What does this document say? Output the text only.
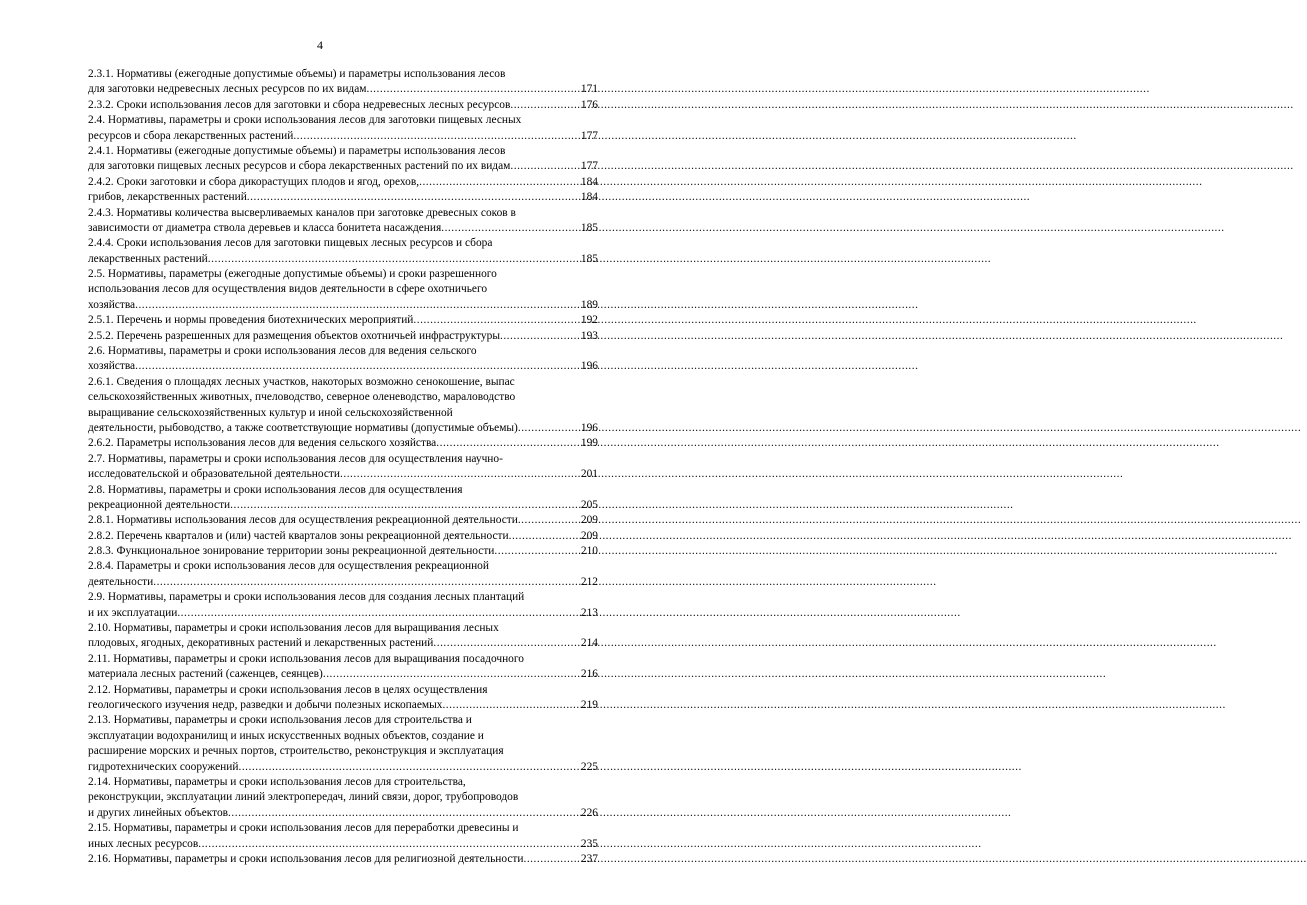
4
2.3.1. Нормативы (ежегодные допустимые объемы) и параметры использования лесов
для заготовки недревесных лесных ресурсов по их видам .....	171
2.3.2. Сроки использования лесов для заготовки и сбора недревесных лесных ресурсов .....	176
2.4. Нормативы, параметры и сроки использования лесов для заготовки пищевых лесных
ресурсов и сбора лекарственных растений .....	177
2.4.1. Нормативы (ежегодные допустимые объемы) и параметры использования лесов
для заготовки пищевых лесных ресурсов и сбора лекарственных растений по их видам .....	177
2.4.2. Сроки заготовки и сбора дикорастущих плодов и ягод, орехов, .....	184
грибов, лекарственных растений .....	184
2.4.3. Нормативы количества высверливаемых каналов при заготовке древесных соков в
зависимости от диаметра ствола деревьев и класса бонитета насаждения .....	185
2.4.4. Сроки использования лесов для заготовки пищевых лесных ресурсов и сбора
лекарственных растений .....	185
2.5. Нормативы, параметры (ежегодные допустимые объемы) и сроки разрешенного
использования лесов для осуществления видов деятельности в сфере охотничьего
хозяйства .....	189
2.5.1. Перечень и нормы проведения биотехнических мероприятий .....	192
2.5.2. Перечень разрешенных для размещения объектов охотничьей инфраструктуры .....	193
2.6. Нормативы, параметры и сроки использования лесов для ведения сельского
хозяйства .....	196
2.6.1. Сведения о площадях лесных участков, накоторых возможно сенокошение, выпас
сельскохозяйственных животных, пчеловодство, северное оленеводство, мараловодство
выращивание сельскохозяйственных культур и иной сельскохозяйственной
деятельности, рыбоводство, а также соответствующие нормативы (допустимые объемы) .....	196
2.6.2. Параметры использования лесов для ведения сельского хозяйства .....	199
2.7. Нормативы, параметры и сроки использования лесов для осуществления научно-
исследовательской и образовательной деятельности .....	201
2.8. Нормативы, параметры и сроки использования лесов для осуществления
рекреационной деятельности .....	205
2.8.1. Нормативы использования лесов для осуществления рекреационной деятельности .....	209
2.8.2. Перечень кварталов и (или) частей кварталов зоны рекреационной деятельности .....	209
2.8.3. Функциональное зонирование территории зоны рекреационной деятельности .....	210
2.8.4. Параметры и сроки использования лесов для осуществления рекреационной
деятельности .....	212
2.9. Нормативы, параметры и сроки использования лесов для создания лесных плантаций
и их эксплуатации .....	213
2.10. Нормативы, параметры и сроки использования лесов для выращивания лесных
плодовых, ягодных, декоративных растений и лекарственных растений .....	214
2.11. Нормативы, параметры и сроки использования лесов для выращивания посадочного
материала лесных растений (саженцев, сеянцев) .....	216
2.12. Нормативы, параметры и сроки использования лесов в целях осуществления
геологического изучения недр, разведки и добычи полезных ископаемых .....	219
2.13. Нормативы, параметры и сроки использования лесов для строительства и
эксплуатации водохранилищ и иных искусственных водных объектов, создание и
расширение морских и речных портов, строительство, реконструкция и эксплуатация
гидротехнических сооружений .....	225
2.14. Нормативы, параметры и сроки использования лесов для строительства,
реконструкции, эксплуатации линий электропередач, линий связи, дорог, трубопроводов
и других линейных объектов .....	226
2.15. Нормативы, параметры и сроки использования лесов для переработки древесины и
иных лесных ресурсов .....	235
2.16. Нормативы, параметры и сроки использования лесов для религиозной деятельности .....	237
